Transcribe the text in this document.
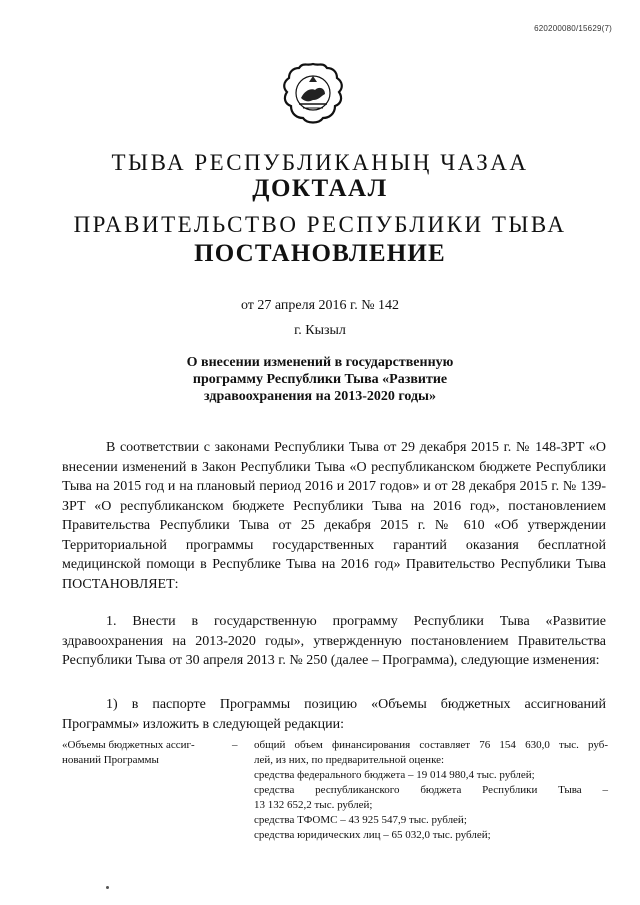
620200080/15629(7)
ТЫВА РЕСПУБЛИКАНЫҢ ЧАЗАА
ДОКТААЛ
ПРАВИТЕЛЬСТВО РЕСПУБЛИКИ ТЫВА
ПОСТАНОВЛЕНИЕ
от 27 апреля 2016 г. № 142
г. Кызыл
О внесении изменений в государственную программу Республики Тыва «Развитие здравоохранения на 2013-2020 годы»
В соответствии с законами Республики Тыва от 29 декабря 2015 г. № 148-ЗРТ «О внесении изменений в Закон Республики Тыва «О республиканском бюджете Республики Тыва на 2015 год и на плановый период 2016 и 2017 годов» и от 28 декабря 2015 г. № 139-ЗРТ «О республиканском бюджете Республики Тыва на 2016 год», постановлением Правительства Республики Тыва от 25 декабря 2015 г. № 610 «Об утверждении Территориальной программы государственных гарантий оказания бесплатной медицинской помощи в Республике Тыва на 2016 год» Правительство Республики Тыва ПОСТАНОВЛЯЕТ:
1. Внести в государственную программу Республики Тыва «Развитие здравоохранения на 2013-2020 годы», утвержденную постановлением Правительства Республики Тыва от 30 апреля 2013 г. № 250 (далее – Программа), следующие изменения:
1) в паспорте Программы позицию «Объемы бюджетных ассигнований Программы» изложить в следующей редакции:
«Объемы бюджетных ассиг-
нований Программы
– общий объем финансирования составляет 76 154 630,0 тыс. руб-
лей, из них, по предварительной оценке:
средства федерального бюджета – 19 014 980,4 тыс. рублей;
средства республиканского бюджета Республики Тыва –
13 132 652,2 тыс. рублей;
средства ТФОМС – 43 925 547,9 тыс. рублей;
средства юридических лиц – 65 032,0 тыс. рублей;
